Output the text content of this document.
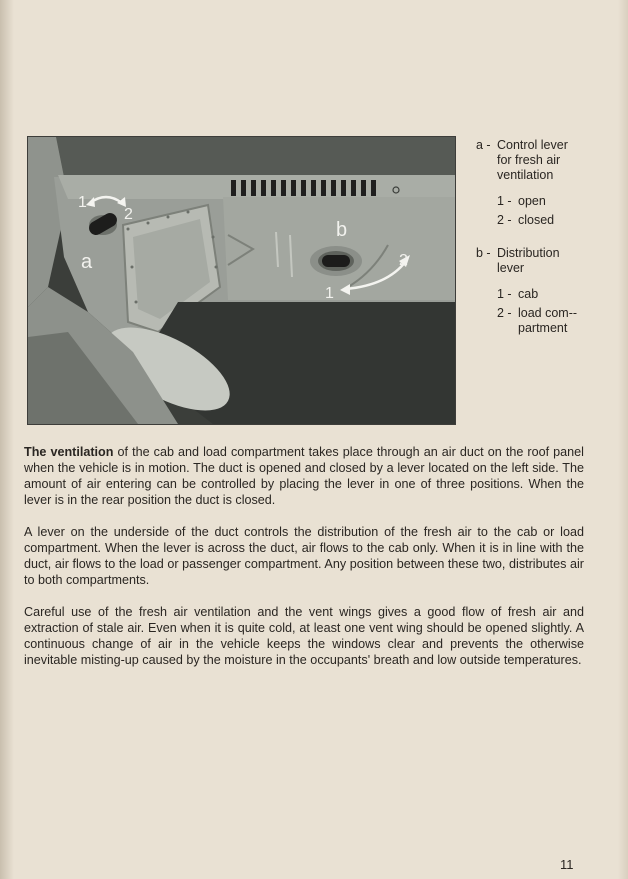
a
1
2
b
1
2
a -	Control lever
for fresh air
ventilation
1 -	open
2 -	closed
b -	Distribution
lever
1 -	cab
2 -	load com-partment

The ventilation of the cab and load compartment takes place through an air duct on the roof panel when the vehicle is in motion. The duct is opened and closed by a lever located on the left side. The amount of air entering can be controlled by placing the lever in one of three positions. When the lever is in the rear position the duct is closed.

A lever on the underside of the duct controls the distribution of the fresh air to the cab or load compartment. When the lever is across the duct, air flows to the cab only. When it is in line with the duct, air flows to the load or passenger compartment. Any position between these two, distributes air to both compartments.

Careful use of the fresh air ventilation and the vent wings gives a good flow of fresh air and extraction of stale air. Even when it is quite cold, at least one vent wing should be opened slightly. A continuous change of air in the vehicle keeps the windows clear and prevents the otherwise inevitable misting-up caused by the moisture in the occupants' breath and low outside temperatures.

11
